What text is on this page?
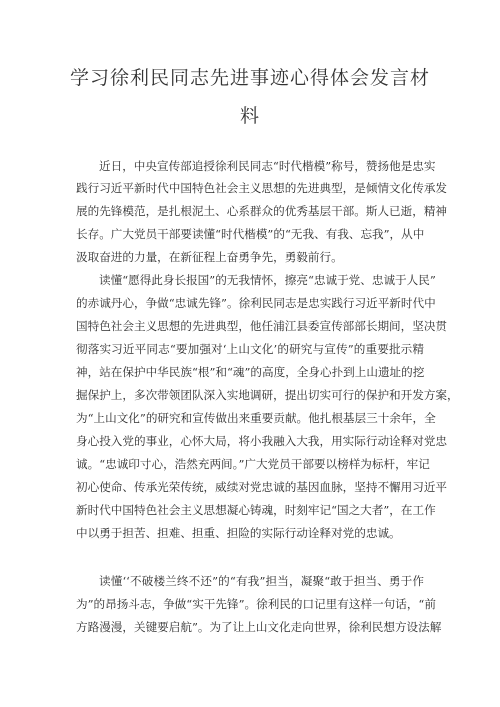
学习徐利民同志先进事迹心得体会发言材
料
近日，中央宣传部追授徐利民同志“时代楷模”称号，赞扬他是忠实
践行习近平新时代中国特色社会主义思想的先进典型，是倾情文化传承发
展的先锋模范，是扎根泥土、心系群众的优秀基层干部。斯人已逝，精神
长存。广大党员干部要读懂“时代楷模”的“无我、有我、忘我”，从中
汲取奋进的力量，在新征程上奋勇争先，勇毅前行。
读懂“愿得此身长报国”的无我情怀，擦亮“忠诚于党、忠诚于人民”
的赤诚丹心，争做“忠诚先锋”。徐利民同志是忠实践行习近平新时代中
国特色社会主义思想的先进典型，他任浦江县委宣传部部长期间，坚决贯
彻落实习近平同志“要加强对‘上山文化’的研究与宣传”的重要批示精
神，站在保护中华民族“根”和“魂”的高度，全身心扑到上山遗址的挖
掘保护上，多次带领团队深入实地调研，提出切实可行的保护和开发方案，
为“上山文化”的研究和宣传做出来重要贡献。他扎根基层三十余年，全
身心投入党的事业，心怀大局，将小我融入大我，用实际行动诠释对党忠
诚。“忠诚印寸心，浩然充两间。”广大党员干部要以榜样为标杆，牢记
初心使命、传承光荣传统，威续对党忠诚的基因血脉，坚持不懈用习近平
新时代中国特色社会主义思想凝心铸魂，时刻牢记“国之大者”，在工作
中以勇于担苦、担难、担重、担险的实际行动诠释对党的忠诚。
读懂‘‘不破楼兰终不还”的“有我”担当，凝聚“敢于担当、勇于作
为”的昂扬斗志，争做“实干先锋”。徐利民的口记里有这样一句话，“前
方路漫漫，关键要启航”。为了让上山文化走向世界，徐利民想方设法解
